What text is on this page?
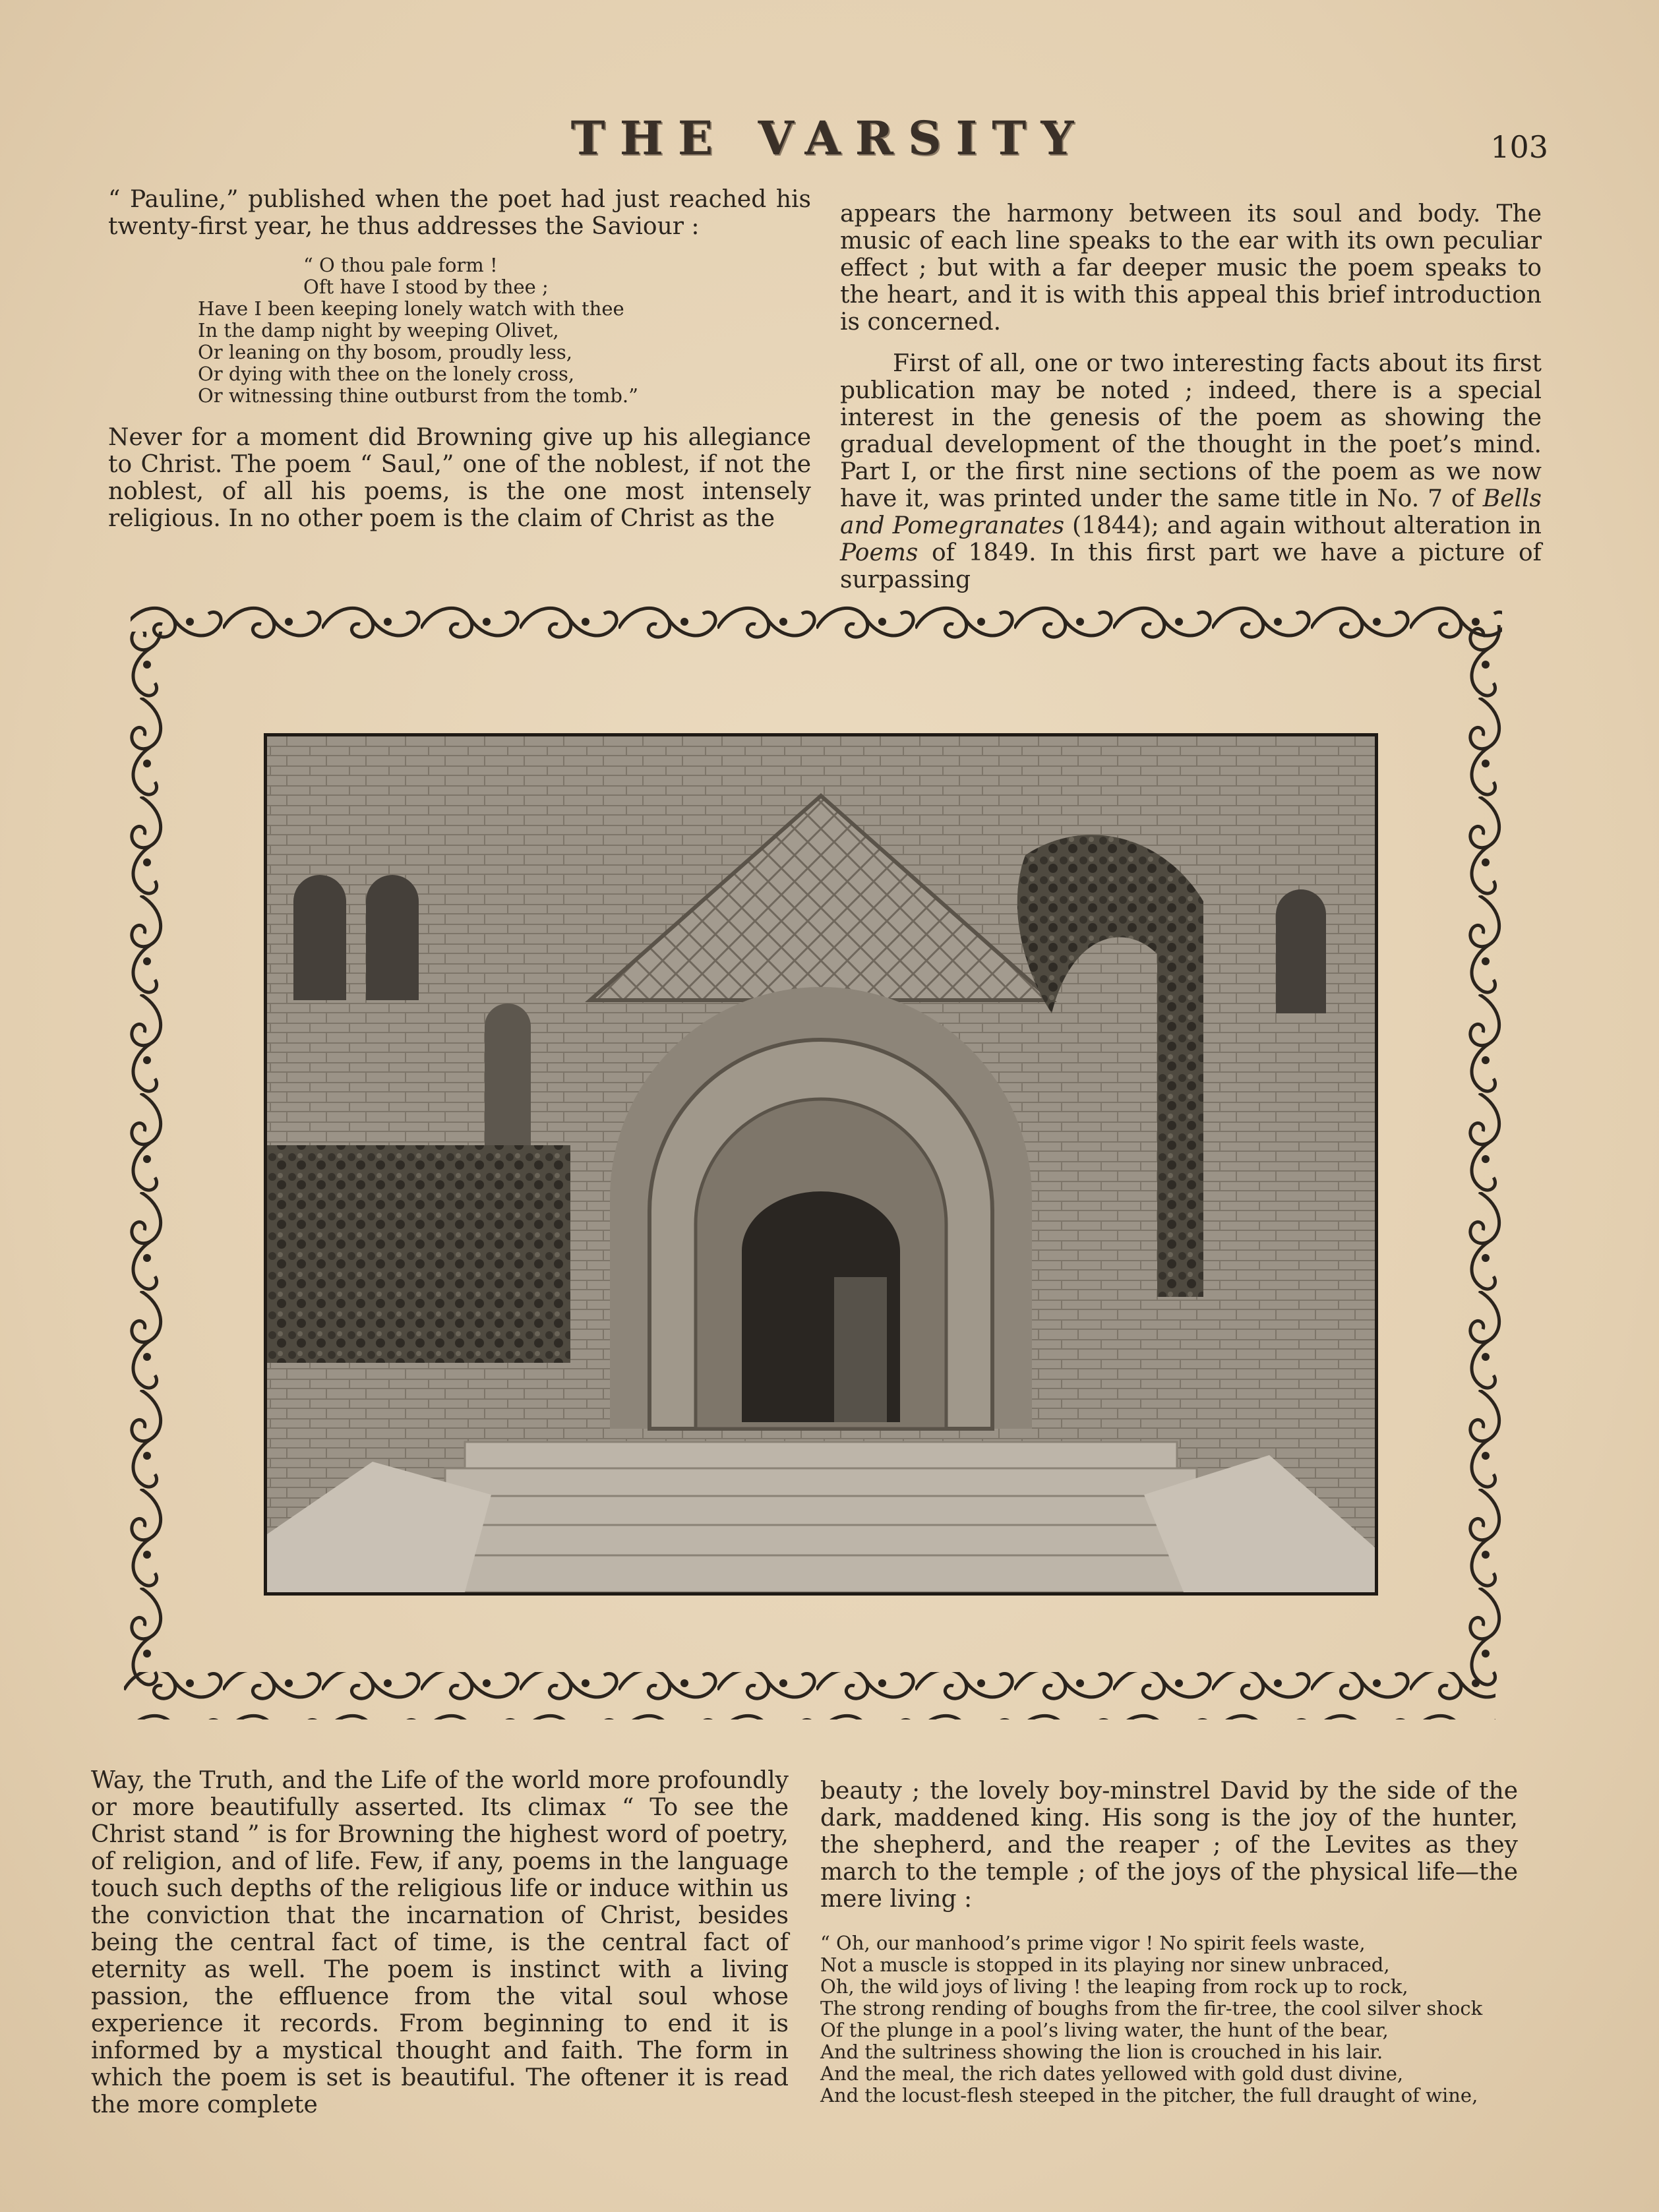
THE VARSITY	103

“ Pauline,” published when the poet had just reached his twenty-first year, he thus addresses the Saviour :

“ O thou pale form !
Oft have I stood by thee ;
Have I been keeping lonely watch with thee
In the damp night by weeping Olivet,
Or leaning on thy bosom, proudly less,
Or dying with thee on the lonely cross,
Or witnessing thine outburst from the tomb.”

Never for a moment did Browning give up his allegiance to Christ. The poem “ Saul,” one of the noblest, if not the noblest, of all his poems, is the one most intensely religious. In no other poem is the claim of Christ as the

appears the harmony between its soul and body. The music of each line speaks to the ear with its own peculiar effect ; but with a far deeper music the poem speaks to the heart, and it is with this appeal this brief introduction is concerned.

First of all, one or two interesting facts about its first publication may be noted ; indeed, there is a special interest in the genesis of the poem as showing the gradual development of the thought in the poet’s mind. Part I, or the first nine sections of the poem as we now have it, was printed under the same title in No. 7 of Bells and Pomegranates (1844); and again without alteration in Poems of 1849. In this first part we have a picture of surpassing

Way, the Truth, and the Life of the world more profoundly or more beautifully asserted. Its climax “ To see the Christ stand ” is for Browning the highest word of poetry, of religion, and of life. Few, if any, poems in the language touch such depths of the religious life or induce within us the conviction that the incarnation of Christ, besides being the central fact of time, is the central fact of eternity as well. The poem is instinct with a living passion, the effluence from the vital soul whose experience it records. From beginning to end it is informed by a mystical thought and faith. The form in which the poem is set is beautiful. The oftener it is read the more complete

beauty ; the lovely boy-minstrel David by the side of the dark, maddened king. His song is the joy of the hunter, the shepherd, and the reaper ; of the Levites as they march to the temple ; of the joys of the physical life—the mere living :

“ Oh, our manhood’s prime vigor ! No spirit feels waste,
Not a muscle is stopped in its playing nor sinew unbraced,
Oh, the wild joys of living ! the leaping from rock up to rock,
The strong rending of boughs from the fir-tree, the cool silver shock
Of the plunge in a pool’s living water, the hunt of the bear,
And the sultriness showing the lion is crouched in his lair.
And the meal, the rich dates yellowed with gold dust divine,
And the locust-flesh steeped in the pitcher, the full draught of wine,
